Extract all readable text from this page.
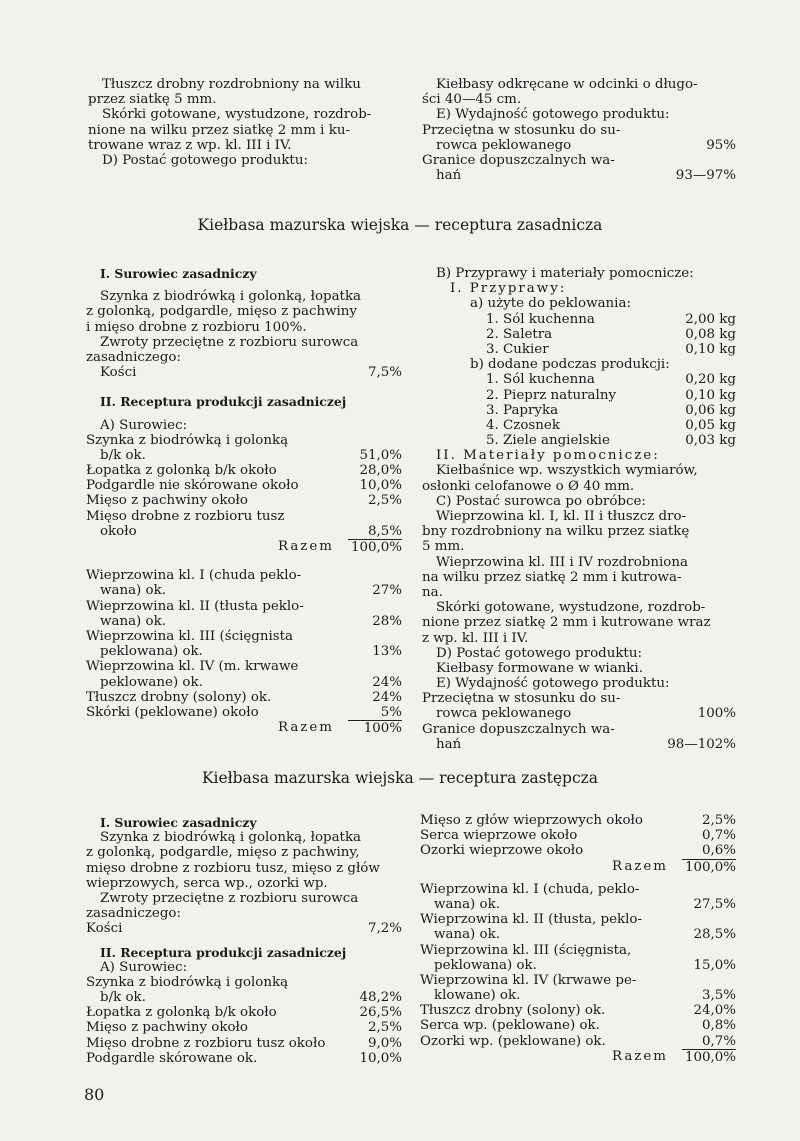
Tłuszcz drobny rozdrobniony na wilku
przez siatkę 5 mm.
Skórki gotowane, wystudzone, rozdrob-
nione na wilku przez siatkę 2 mm i ku-
trowane wraz z wp. kl. III i IV.
D) Postać gotowego produktu:
Kiełbasy odkręcane w odcinki o długo-
ści 40—45 cm.
E) Wydajność gotowego produktu:
Przeciętna w stosunku do su-
rowca peklowanego	95%
Granice dopuszczalnych wa-
hań	93—97%
Kiełbasa mazurska wiejska — receptura zasadnicza
I. Surowiec zasadniczy
Szynka z biodrówką i golonką, łopatka
z golonką, podgardle, mięso z pachwiny
i mięso drobne z rozbioru 100%.
Zwroty przeciętne z rozbioru surowca
zasadniczego:
Kości	7,5%
II. Receptura produkcji zasadniczej
A) Surowiec:
Szynka z biodrówką i golonką
b/k ok.	51,0%
Łopatka z golonką b/k około	28,0%
Podgardle nie skórowane około	10,0%
Mięso z pachwiny około	2,5%
Mięso drobne z rozbioru tusz
około	8,5%
Razem 100,0%
Wieprzowina kl. I (chuda peklo-
wana) ok.	27%
Wieprzowina kl. II (tłusta peklo-
wana) ok.	28%
Wieprzowina kl. III (ścięgnista
peklowana) ok.	13%
Wieprzowina kl. IV (m. krwawe
peklowane) ok.	24%
Tłuszcz drobny (solony) ok.	24%
Skórki (peklowane) około	5%
Razem	100%
B) Przyprawy i materiały pomocnicze:
I. Przyprawy:
a) użyte do peklowania:
1. Sól kuchenna	2,00 kg
2. Saletra	0,08 kg
3. Cukier	0,10 kg
b) dodane podczas produkcji:
1. Sól kuchenna	0,20 kg
2. Pieprz naturalny	0,10 kg
3. Papryka	0,06 kg
4. Czosnek	0,05 kg
5. Ziele angielskie	0,03 kg
II. Materiały pomocnicze:
Kiełbaśnice wp. wszystkich wymiarów,
osłonki celofanowe o Ø 40 mm.
C) Postać surowca po obróbce:
Wieprzowina kl. I, kl. II i tłuszcz dro-
bny rozdrobniony na wilku przez siatkę
5 mm.
Wieprzowina kl. III i IV rozdrobniona
na wilku przez siatkę 2 mm i kutrowa-
na.
Skórki gotowane, wystudzone, rozdrob-
nione przez siatkę 2 mm i kutrowane wraz
z wp. kl. III i IV.
D) Postać gotowego produktu:
Kiełbasy formowane w wianki.
E) Wydajność gotowego produktu:
Przeciętna w stosunku do su-
rowca peklowanego	100%
Granice dopuszczalnych wa-
hań	98—102%
Kiełbasa mazurska wiejska — receptura zastępcza
I. Surowiec zasadniczy
Szynka z biodrówką i golonką, łopatka
z golonką, podgardle, mięso z pachwiny,
mięso drobne z rozbioru tusz, mięso z głów
wieprzowych, serca wp., ozorki wp.
Zwroty przeciętne z rozbioru surowca
zasadniczego:
Kości	7,2%
II. Receptura produkcji zasadniczej
A) Surowiec:
Szynka z biodrówką i golonką
b/k ok.	48,2%
Łopatka z golonką b/k około	26,5%
Mięso z pachwiny około	2,5%
Mięso drobne z rozbioru tusz około	9,0%
Podgardle skórowane ok.	10,0%
Mięso z głów wieprzowych około	2,5%
Serca wieprzowe około	0,7%
Ozorki wieprzowe około	0,6%
Razem 100,0%
Wieprzowina kl. I (chuda, peklo-
wana) ok.	27,5%
Wieprzowina kl. II (tłusta, peklo-
wana) ok.	28,5%
Wieprzowina kl. III (ścięgnista,
peklowana) ok.	15,0%
Wieprzowina kl. IV (krwawe pe-
klowane) ok.	3,5%
Tłuszcz drobny (solony) ok.	24,0%
Serca wp. (peklowane) ok.	0,8%
Ozorki wp. (peklowane) ok.	0,7%
Razem 100,0%
80
